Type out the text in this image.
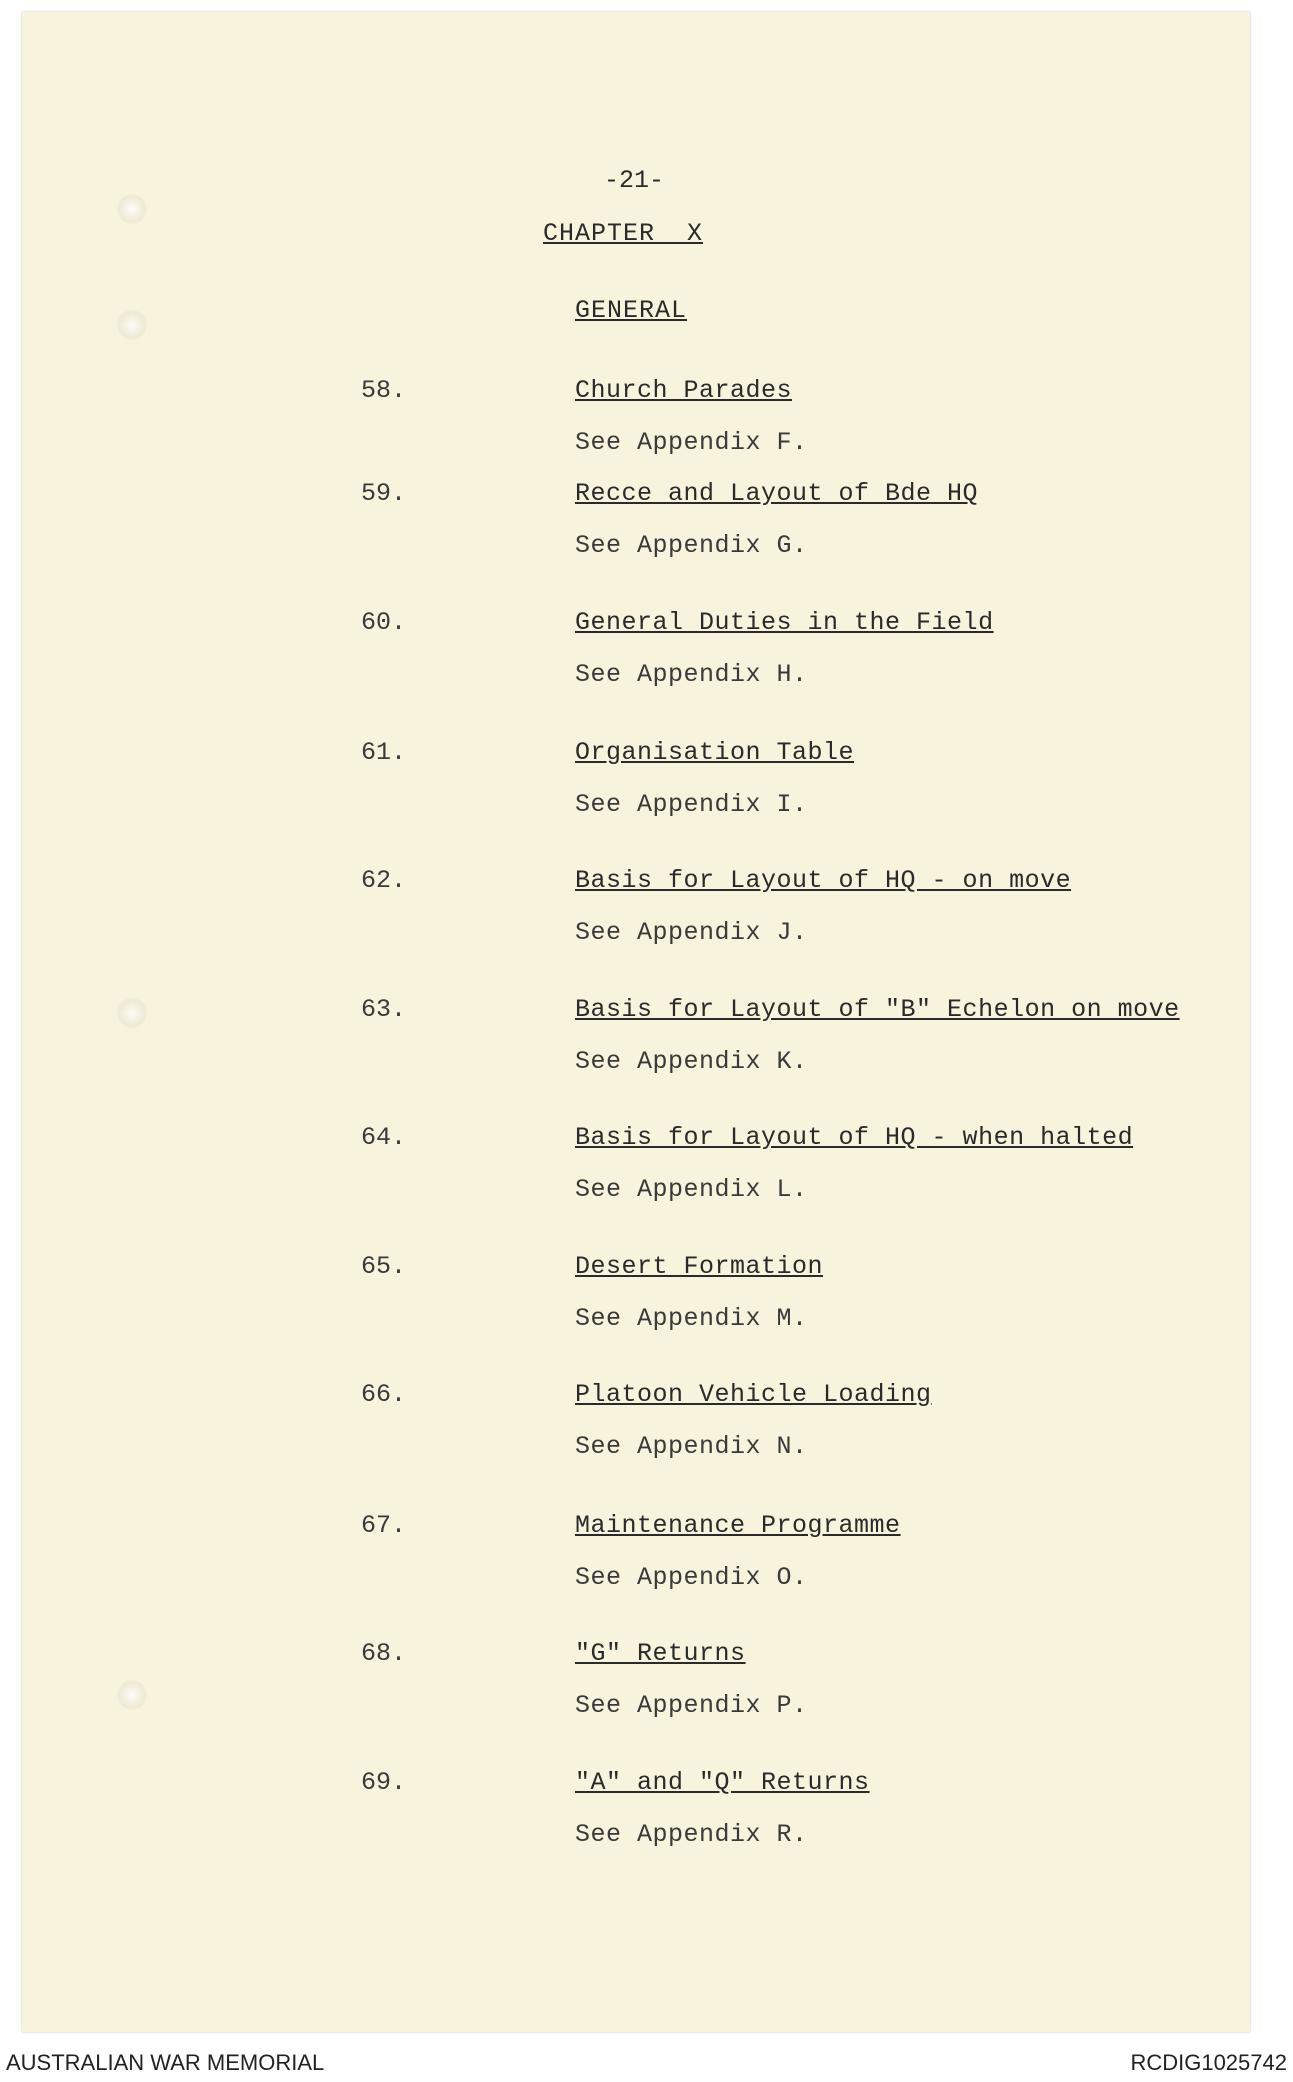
-21-
CHAPTER  X
GENERAL
58.	Church Parades
See Appendix F.
59.	Recce and Layout of Bde HQ
See Appendix G.
60.	General Duties in the Field
See Appendix H.
61.	Organisation Table
See Appendix I.
62.	Basis for Layout of HQ - on move
See Appendix J.
63.	Basis for Layout of "B" Echelon on move
See Appendix K.
64.	Basis for Layout of HQ - when halted
See Appendix L.
65.	Desert Formation
See Appendix M.
66.	Platoon Vehicle Loading
See Appendix N.
67.	Maintenance Programme
See Appendix O.
68.	"G" Returns
See Appendix P.
69.	"A" and "Q" Returns
See Appendix R.
AUSTRALIAN WAR MEMORIAL	RCDIG1025742
